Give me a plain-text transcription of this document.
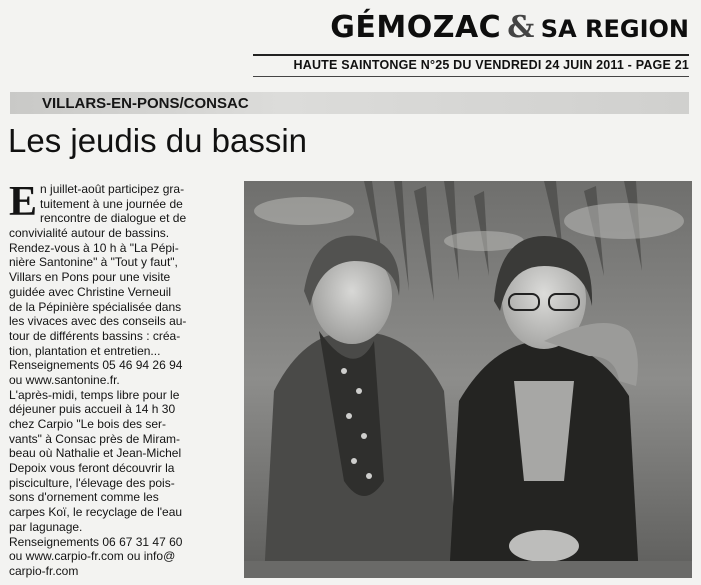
GÉMOZAC & SA REGION
HAUTE SAINTONGE N°25 DU VENDREDI 24 JUIN 2011 - PAGE 21
VILLARS-EN-PONS/CONSAC
Les jeudis du bassin
E n juillet-août participez gra-
tuitement à une journée de
rencontre de dialogue et de
convivialité autour de bassins.
Rendez-vous à 10 h à "La Pépi-
nière Santonine" à "Tout y faut",
Villars en Pons pour une visite
guidée avec Christine Verneuil
de la Pépinière spécialisée dans
les vivaces avec des conseils au-
tour de différents bassins : créa-
tion, plantation et entretien...
Renseignements 05 46 94 26 94
ou www.santonine.fr.
L'après-midi, temps libre pour le
déjeuner puis accueil à 14 h 30
chez Carpio "Le bois des ser-
vants" à Consac près de Miram-
beau où Nathalie et Jean-Michel
Depoix vous feront découvrir la
pisciculture, l'élevage des pois-
sons d'ornement comme les
carpes Koï, le recyclage de l'eau
par lagunage.
Renseignements 06 67 31 47 60
ou www.carpio-fr.com ou info@
carpio-fr.com
